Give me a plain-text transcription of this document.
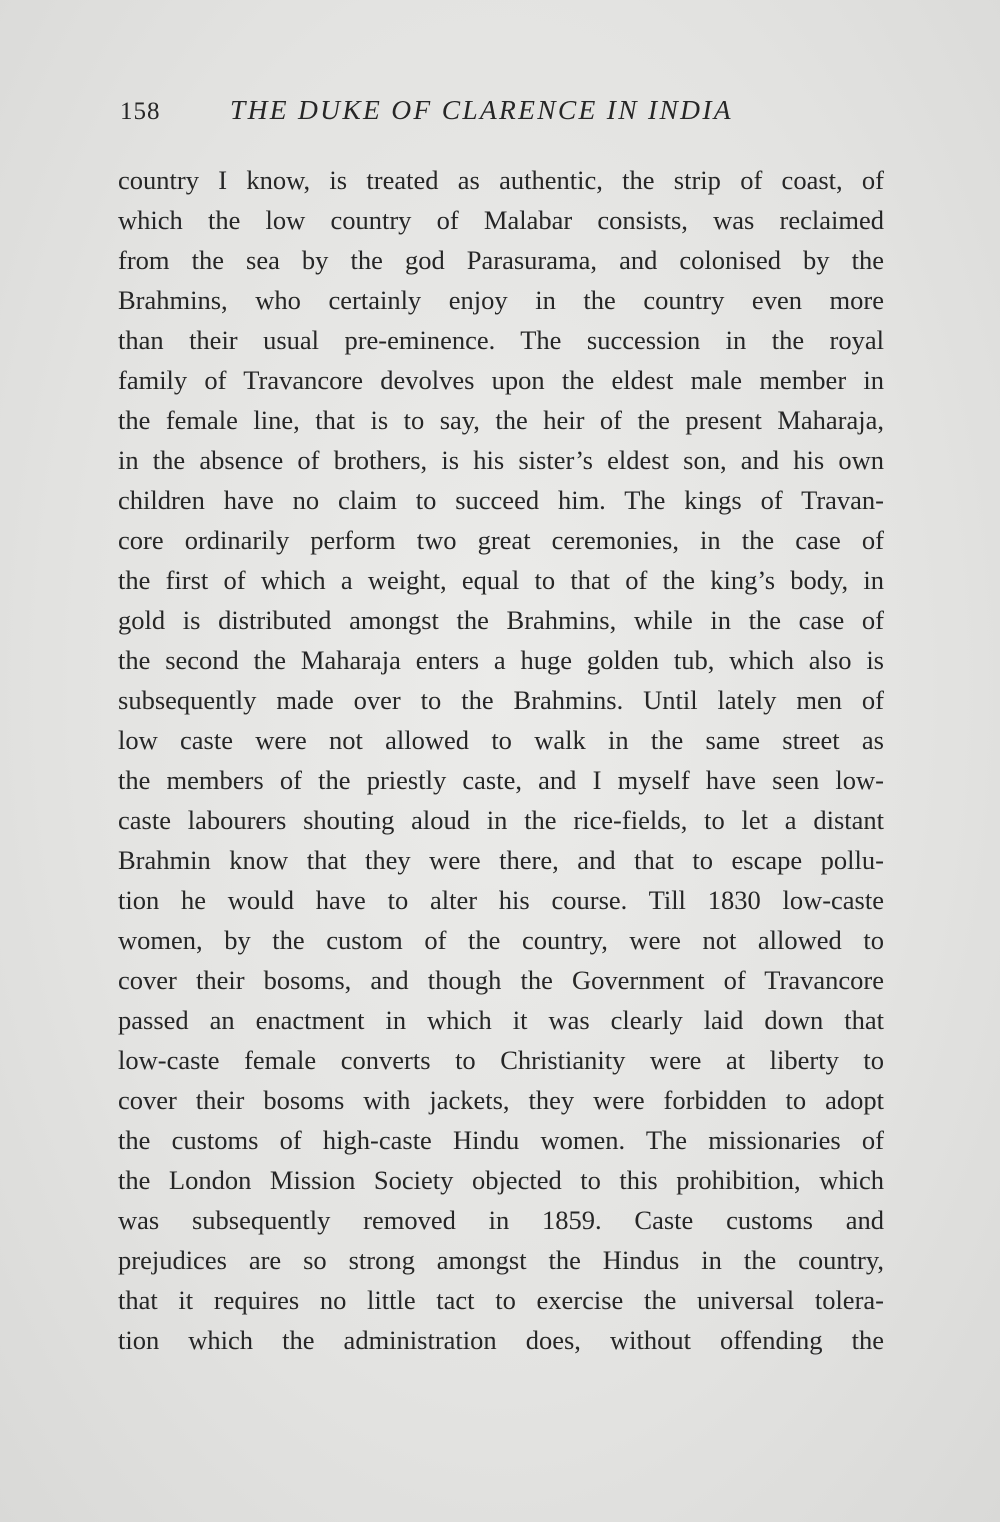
158	THE DUKE OF CLARENCE IN INDIA
country I know, is treated as authentic, the strip of coast, of
which the low country of Malabar consists, was reclaimed
from the sea by the god Parasurama, and colonised by the
Brahmins, who certainly enjoy in the country even more
than their usual pre-eminence. The succession in the royal
family of Travancore devolves upon the eldest male member in
the female line, that is to say, the heir of the present Maharaja,
in the absence of brothers, is his sister’s eldest son, and his own
children have no claim to succeed him. The kings of Travan-
core ordinarily perform two great ceremonies, in the case of
the first of which a weight, equal to that of the king’s body, in
gold is distributed amongst the Brahmins, while in the case of
the second the Maharaja enters a huge golden tub, which also is
subsequently made over to the Brahmins. Until lately men of
low caste were not allowed to walk in the same street as
the members of the priestly caste, and I myself have seen low-
caste labourers shouting aloud in the rice-fields, to let a distant
Brahmin know that they were there, and that to escape pollu-
tion he would have to alter his course. Till 1830 low-caste
women, by the custom of the country, were not allowed to
cover their bosoms, and though the Government of Travancore
passed an enactment in which it was clearly laid down that
low-caste female converts to Christianity were at liberty to
cover their bosoms with jackets, they were forbidden to adopt
the customs of high-caste Hindu women. The missionaries of
the London Mission Society objected to this prohibition, which
was subsequently removed in 1859. Caste customs and
prejudices are so strong amongst the Hindus in the country,
that it requires no little tact to exercise the universal tolera-
tion which the administration does, without offending the
